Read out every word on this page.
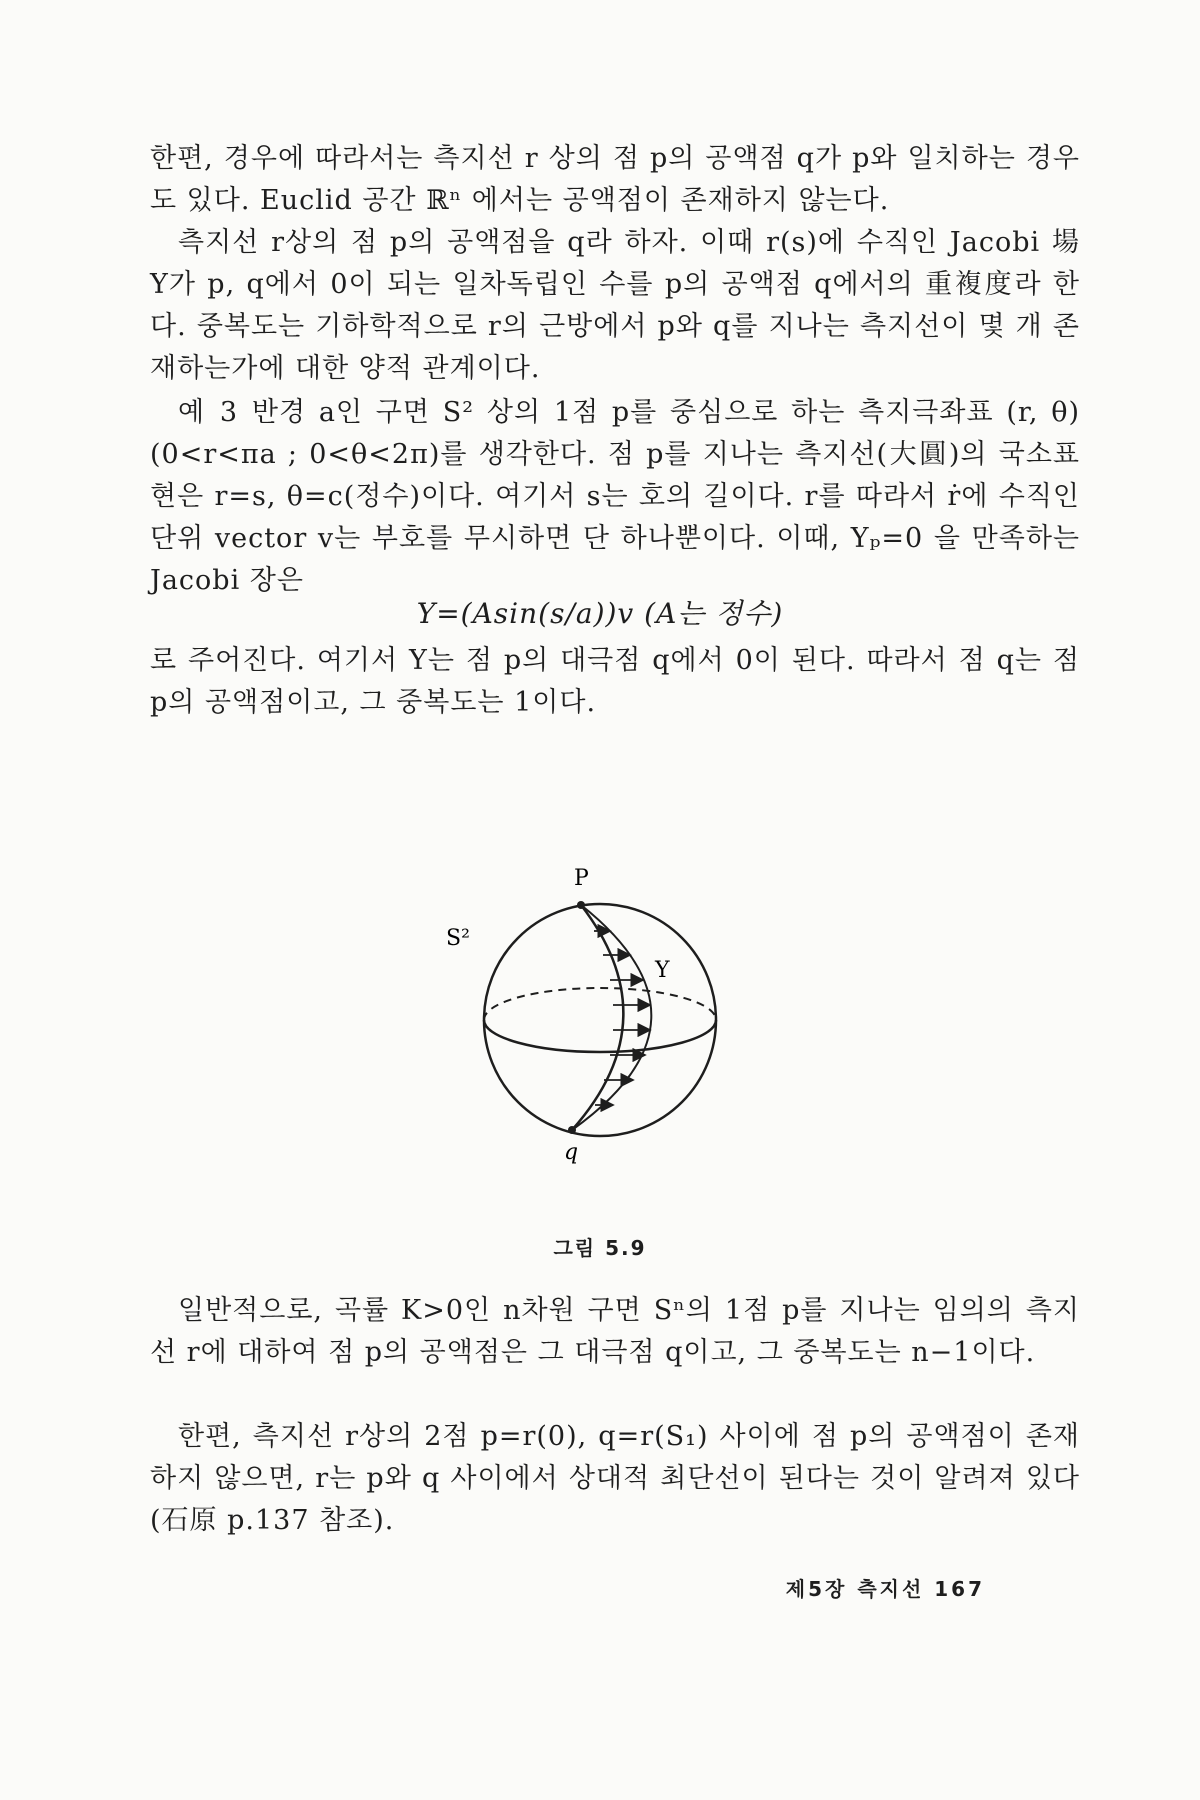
한편, 경우에 따라서는 측지선 r 상의 점 p의 공액점 q가 p와 일치하는 경우도 있다. Euclid 공간 ℝⁿ 에서는 공액점이 존재하지 않는다.

측지선 r상의 점 p의 공액점을 q라 하자. 이때 r(s)에 수직인 Jacobi 場 Y가 p, q에서 0이 되는 일차독립인 수를 p의 공액점 q에서의 重複度라 한다. 중복도는 기하학적으로 r의 근방에서 p와 q를 지나는 측지선이 몇 개 존재하는가에 대한 양적 관계이다.

예 3 반경 a인 구면 S² 상의 1점 p를 중심으로 하는 측지극좌표 (r, θ) (0<r<πa ; 0<θ<2π)를 생각한다. 점 p를 지나는 측지선(大圓)의 국소표현은 r=s, θ=c(정수)이다. 여기서 s는 호의 길이다. r를 따라서 ṙ에 수직인 단위 vector v는 부호를 무시하면 단 하나뿐이다. 이때, Yₚ=0 을 만족하는 Jacobi 장은

Y=(Asin(s/a))v (A는 정수)

로 주어진다. 여기서 Y는 점 p의 대극점 q에서 0이 된다. 따라서 점 q는 점 p의 공액점이고, 그 중복도는 1이다.

P
S²
Y
q
그림 5.9

일반적으로, 곡률 K>0인 n차원 구면 Sⁿ의 1점 p를 지나는 임의의 측지선 r에 대하여 점 p의 공액점은 그 대극점 q이고, 그 중복도는 n−1이다.

한편, 측지선 r상의 2점 p=r(0), q=r(S₁) 사이에 점 p의 공액점이 존재하지 않으면, r는 p와 q 사이에서 상대적 최단선이 된다는 것이 알려져 있다(石原 p.137 참조).

제5장 측지선 167
